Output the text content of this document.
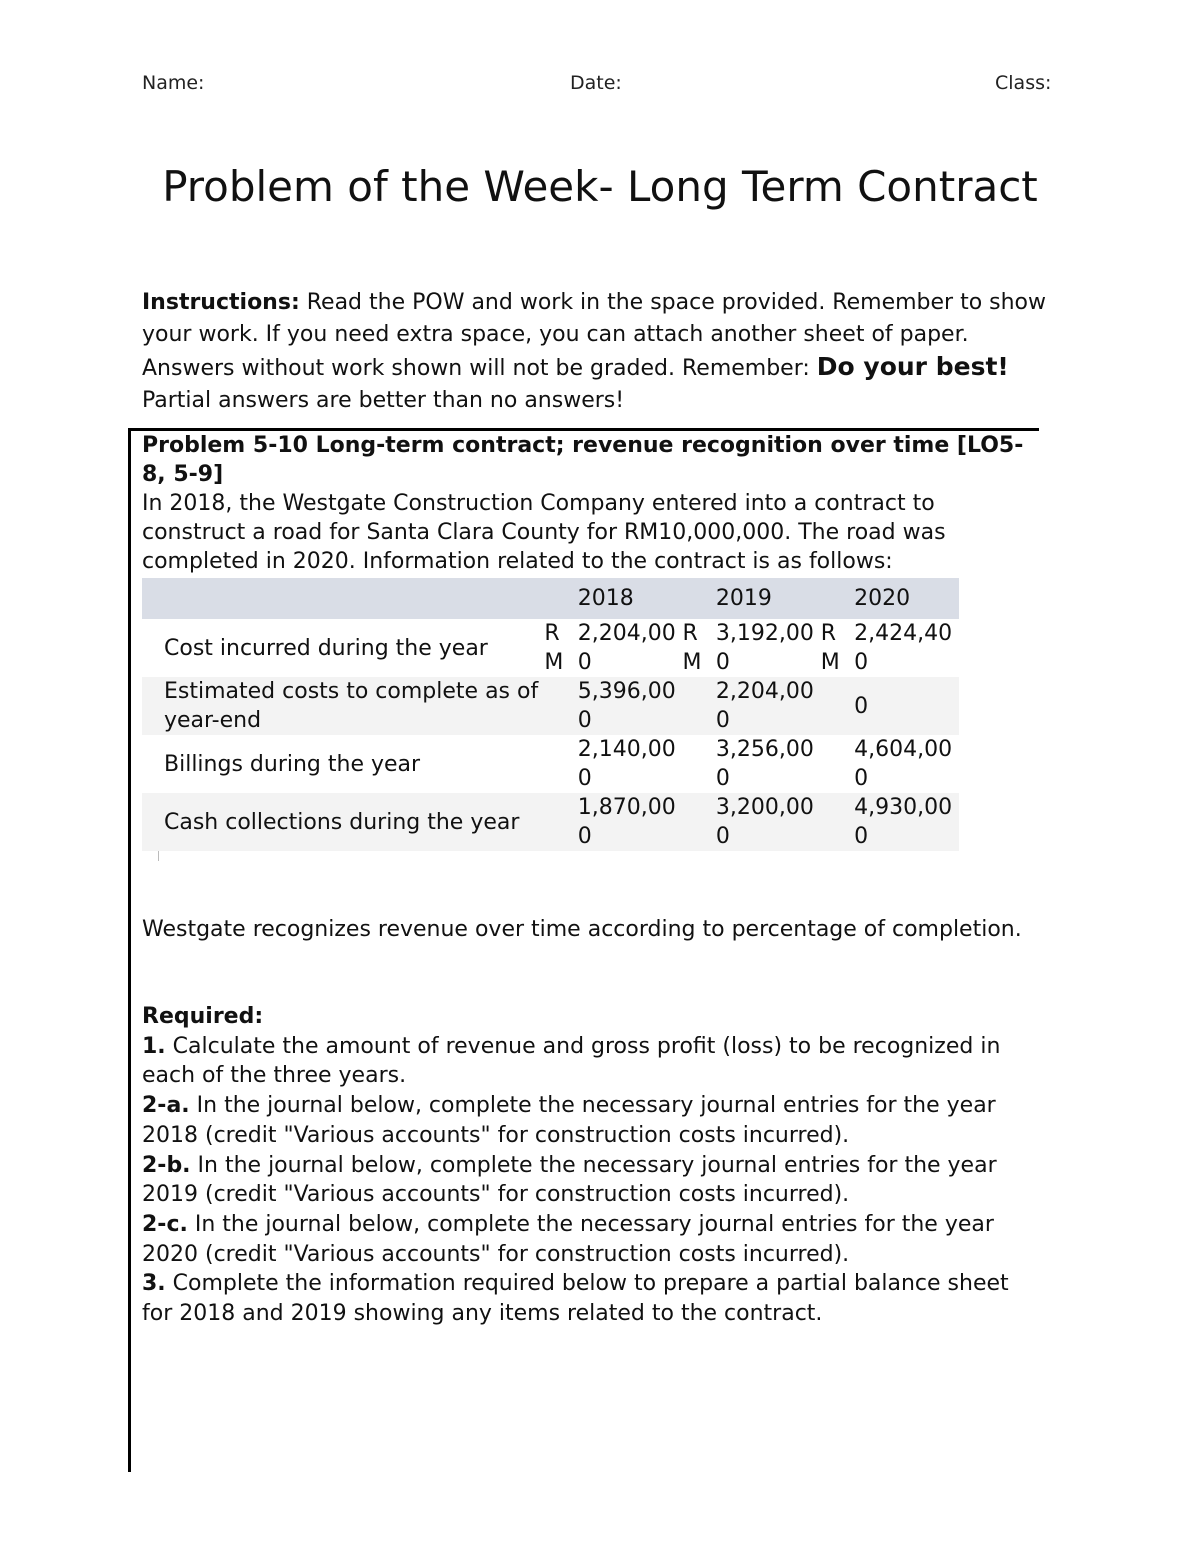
Name:	Date:	Class:
Problem of the Week- Long Term Contract

Instructions: Read the POW and work in the space provided. Remember to show your work. If you need extra space, you can attach another sheet of paper. Answers without work shown will not be graded. Remember: Do your best! Partial answers are better than no answers!

Problem 5-10 Long-term contract; revenue recognition over time [LO5-8, 5-9]

In 2018, the Westgate Construction Company entered into a contract to construct a road for Santa Clara County for RM10,000,000. The road was completed in 2020. Information related to the contract is as follows:

		2018		2019		2020	
Cost incurred during the year	RM	2,204,000	RM	3,192,000	RM	2,424,400	
Estimated costs to complete as of year-end		5,396,000		2,204,000		0	
Billings during the year		2,140,000		3,256,000		4,604,000	
Cash collections during the year		1,870,000		3,200,000		4,930,000	

Westgate recognizes revenue over time according to percentage of completion.

Required:

1. Calculate the amount of revenue and gross profit (loss) to be recognized in each of the three years.

2-a. In the journal below, complete the necessary journal entries for the year 2018 (credit "Various accounts" for construction costs incurred).

2-b. In the journal below, complete the necessary journal entries for the year 2019 (credit "Various accounts" for construction costs incurred).

2-c. In the journal below, complete the necessary journal entries for the year 2020 (credit "Various accounts" for construction costs incurred).

3. Complete the information required below to prepare a partial balance sheet for 2018 and 2019 showing any items related to the contract.
